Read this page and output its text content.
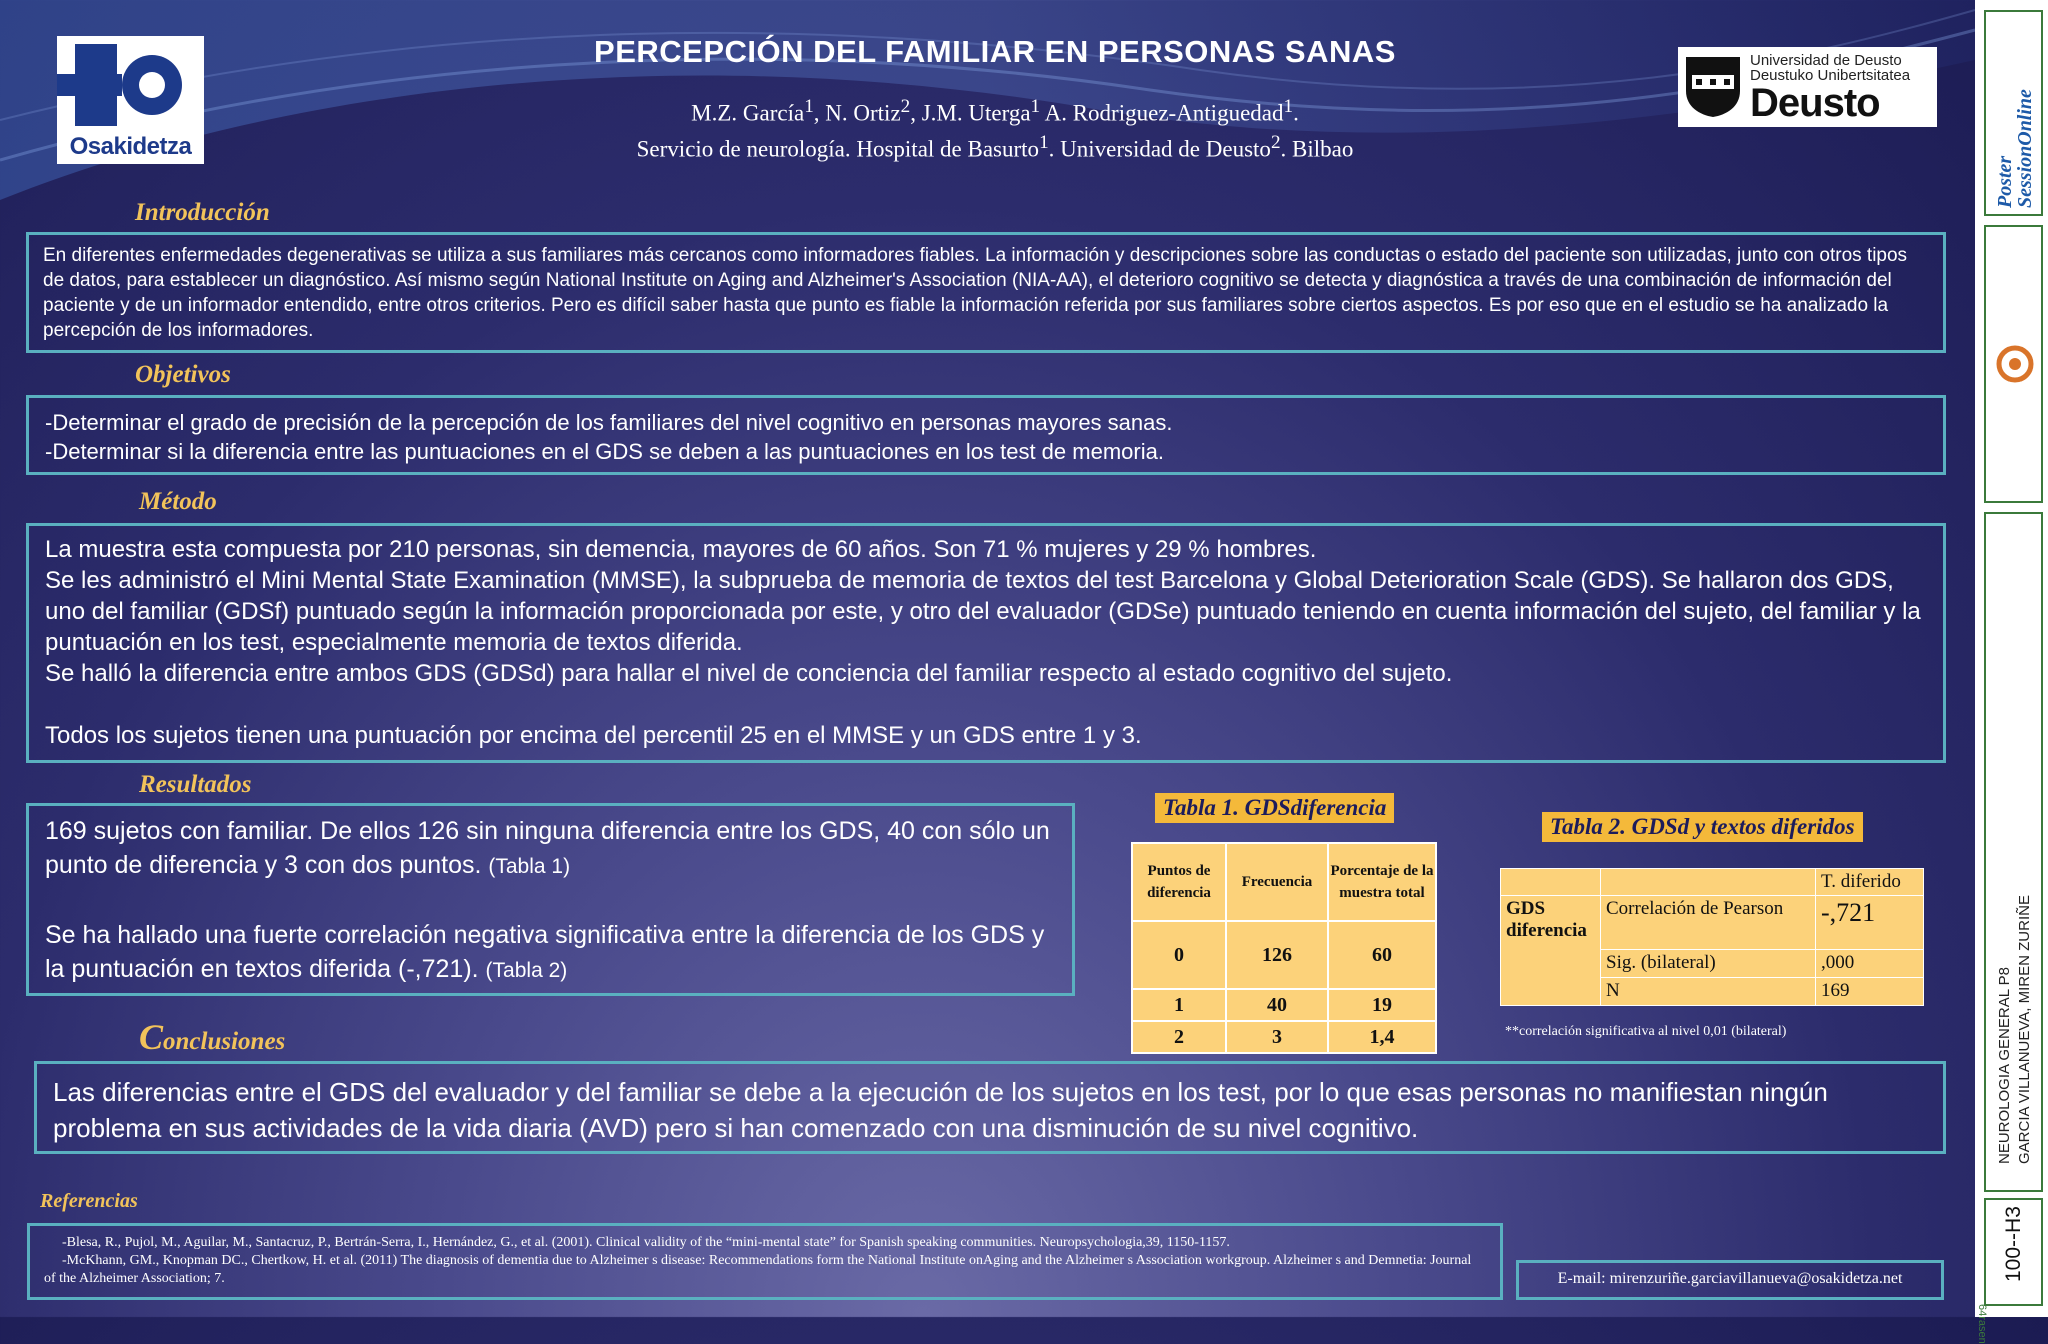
Osakidetza
Universidad de Deusto
Deustuko Unibertsitatea
Deusto
PERCEPCIÓN DEL FAMILIAR EN PERSONAS SANAS
M.Z. García$^1$, N. Ortiz$^2$, J.M. Uterga$^1$ A. Rodriguez-Antiguedad$^1$.
Servicio de neurología. Hospital de Basurto$^1$. Universidad de Deusto$^2$. Bilbao
Introducción

En diferentes enfermedades degenerativas se utiliza a sus familiares más cercanos como informadores fiables. La información y descripciones sobre las conductas o estado del paciente son utilizadas, junto con otros tipos de datos, para establecer un diagnóstico. Así mismo según National Institute on Aging and Alzheimer's Association (NIA-AA), el deterioro cognitivo se detecta y diagnóstica a través de una combinación de información del paciente y de un informador entendido, entre otros criterios. Pero es difícil saber hasta que punto es fiable la información referida por sus familiares sobre ciertos aspectos. Es por eso que en el estudio se ha analizado la percepción de los informadores.

Objetivos

-Determinar el grado de precisión de la percepción de los familiares del nivel cognitivo en personas mayores sanas.

-Determinar si la diferencia entre las puntuaciones en el GDS se deben a las puntuaciones en los test de memoria.

Método

La muestra esta compuesta por 210 personas, sin demencia, mayores de 60 años. Son 71 % mujeres y 29 % hombres.

Se les administró el Mini Mental State Examination (MMSE), la subprueba de memoria de textos del test Barcelona y Global Deterioration Scale (GDS). Se hallaron dos GDS, uno del familiar (GDSf) puntuado según la información proporcionada por este, y otro del evaluador (GDSe) puntuado teniendo en cuenta información del sujeto, del familiar y la puntuación en los test, especialmente memoria de textos diferida.

Se halló la diferencia entre ambos GDS (GDSd) para hallar el nivel de conciencia del familiar respecto al estado cognitivo del sujeto.

Todos los sujetos tienen una puntuación por encima del percentil 25 en el MMSE y un GDS entre 1 y 3.

Resultados

169 sujetos con familiar. De ellos 126 sin ninguna diferencia entre los GDS, 40 con sólo un punto de diferencia y 3 con dos puntos. (Tabla 1)

Se ha hallado una fuerte correlación negativa significativa entre la diferencia de los GDS y la puntuación en textos diferida (-,721). (Tabla 2)

Tabla 1. GDSdiferencia
Puntos de diferencia	Frecuencia	Porcentaje de la muestra total
0	126	60
1	40	19
2	3	1,4
Tabla 2. GDSd y textos diferidos
		T. diferido
GDS diferencia	Correlación de Pearson	-,721
	Sig. (bilateral)	,000
	N	169
**correlación significativa al nivel 0,01 (bilateral)
Conclusiones

Las diferencias entre el GDS del evaluador y del familiar se debe a la ejecución de los sujetos en los test, por lo que esas personas no manifiestan ningún problema en sus actividades de la vida diaria (AVD) pero si han comenzado con una disminución de su nivel cognitivo.

Referencias

-Blesa, R., Pujol, M., Aguilar, M., Santacruz, P., Bertrán-Serra, I., Hernández, G., et al. (2001). Clinical validity of the “mini-mental state” for Spanish speaking communities. Neuropsychologia,39, 1150-1157.

-McKhann, GM., Knopman DC., Chertkow, H. et al. (2011) The diagnosis of dementia due to Alzheimer s disease: Recommendations form the National Institute onAging and the Alzheimer s Association workgroup. Alzheimer s and Demnetia: Journal of the Alzheimer Association; 7.	E-mail: mirenzuriñe.garciavillanueva@osakidetza.net

Poster
SessionOnline
NEUROLOGIA GENERAL P8 GARCIA VILLANUEVA, MIREN ZURIÑE
100--H3
64rasen
